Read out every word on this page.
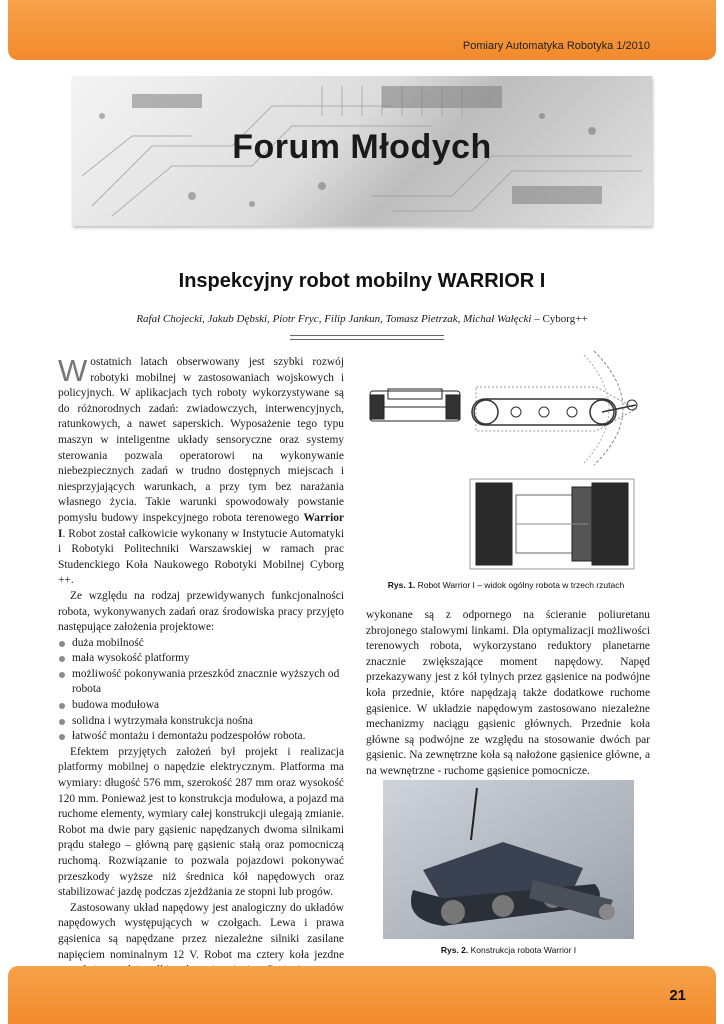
Pomiary Automatyka Robotyka 1/2010
Forum Młodych
Inspekcyjny robot mobilny WARRIOR I
Rafał Chojecki, Jakub Dębski, Piotr Fryc, Filip Jankun, Tomasz Pietrzak, Michał Wałęcki – Cyborg++

Wostatnich latach obserwowany jest szybki rozwój robotyki mobilnej w zastosowaniach wojskowych i policyjnych. W aplikacjach tych roboty wykorzystywane są do różnorodnych zadań: zwiadowczych, interwencyjnych, ratunkowych, a nawet saperskich. Wyposażenie tego typu maszyn w inteligentne układy sensoryczne oraz systemy sterowania pozwala operatorowi na wykonywanie niebezpiecznych zadań w trudno dostępnych miejscach i niesprzyjających warunkach, a przy tym bez narażania własnego życia. Takie warunki spowodowały powstanie pomysłu budowy inspekcyjnego robota terenowego Warrior I. Robot został całkowicie wykonany w Instytucie Automatyki i Robotyki Politechniki Warszawskiej w ramach prac Studenckiego Koła Naukowego Robotyki Mobilnej Cyborg ++.

Ze względu na rodzaj przewidywanych funkcjonalności robota, wykonywanych zadań oraz środowiska pracy przyjęto następujące założenia projektowe:

duża mobilność
mała wysokość platformy
możliwość pokonywania przeszkód znacznie wyższych od robota
budowa modułowa
solidna i wytrzymała konstrukcja nośna
łatwość montażu i demontażu podzespołów robota.

Efektem przyjętych założeń był projekt i realizacja platformy mobilnej o napędzie elektrycznym. Platforma ma wymiary: długość 576 mm, szerokość 287 mm oraz wysokość 120 mm. Ponieważ jest to konstrukcja modułowa, a pojazd ma ruchome elementy, wymiary całej konstrukcji ulegają zmianie. Robot ma dwie pary gąsienic napędzanych dwoma silnikami prądu stałego – główną parę gąsienic stałą oraz pomocniczą ruchomą. Rozwiązanie to pozwala pojazdowi pokonywać przeszkody wyższe niż średnica kół napędowych oraz stabilizować jazdę podczas zjeżdżania ze stopni lub progów.

Zastosowany układ napędowy jest analogiczny do układów napędowych występujących w czołgach. Lewa i prawa gąsienica są napędzane przez niezależne silniki zasilane napięciem nominalnym 12 V. Robot ma cztery koła jezdne

Rys. 1. Robot Warrior I – widok ogólny robota w trzech rzutach

wykonane są z odpornego na ścieranie poliuretanu zbrojonego stalowymi linkami. Dla optymalizacji możliwości terenowych robota, wykorzystano reduktory planetarne znacznie zwiększające moment napędowy. Napęd przekazywany jest z kół tylnych przez gąsienice na podwójne koła przednie, które napędzają także dodatkowe ruchome gąsienice. W układzie napędowym zastosowano niezależne mechanizmy naciągu gąsienic głównych. Przednie koła główne są podwójne ze względu na stosowanie dwóch par gąsienic. Na zewnętrzne koła są nałożone gąsienice główne, a na wewnętrzne - ruchome gąsienice pomocnicze.

Rys. 2. Konstrukcja robota Warrior I
21
